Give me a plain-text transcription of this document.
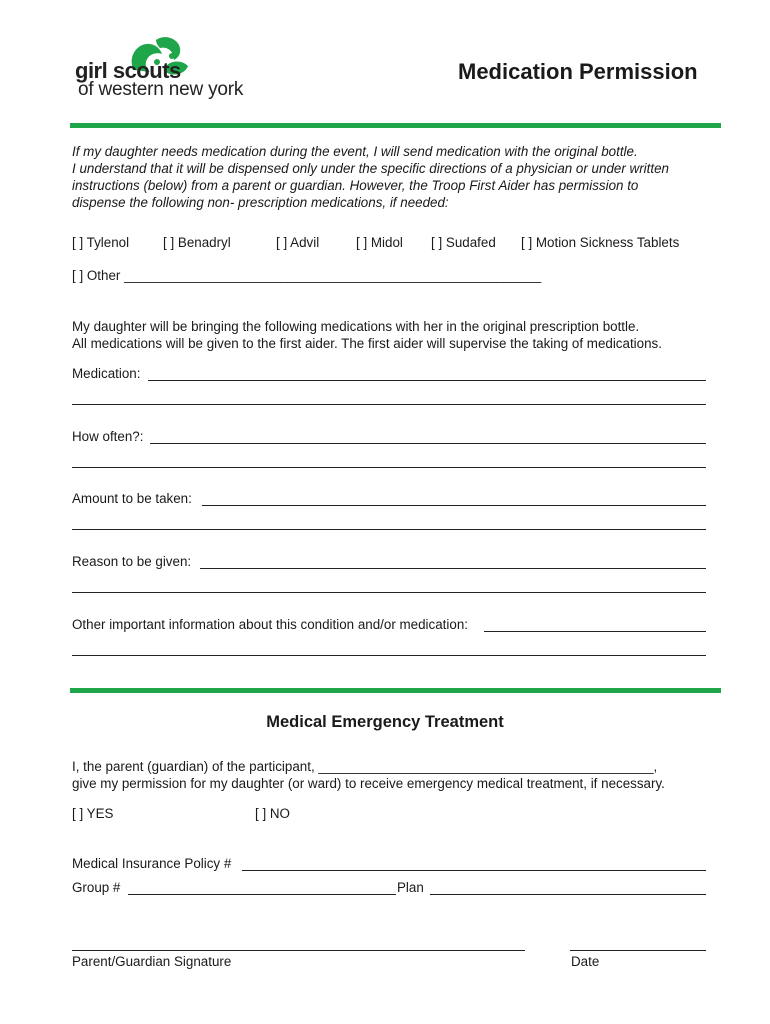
girl scouts
of western new york
Medication Permission
If my daughter needs medication during the event, I will send medication with the original bottle.
I understand that it will be dispensed only under the specific directions of a physician or under written
instructions (below) from a parent or guardian. However, the Troop First Aider has permission to
dispense the following non- prescription medications, if needed:
[ ] Tylenol	[ ] Benadryl	[ ] Advil	[ ] Midol [ ] Sudafed [ ] Motion Sickness Tablets
[ ] Other ________________________________________________________
My daughter will be bringing the following medications with her in the original prescription bottle.
All medications will be given to the first aider. The first aider will supervise the taking of medications.
Medication:
How often?:
Amount to be taken:
Reason to be given:
Other important information about this condition and/or medication:
Medical Emergency Treatment
I, the parent (guardian) of the participant, _____________________________________________,
give my permission for my daughter (or ward) to receive emergency medical treatment, if necessary.
[ ] YES	[ ] NO
Medical Insurance Policy #
Group #	Plan
Parent/Guardian Signature	Date
